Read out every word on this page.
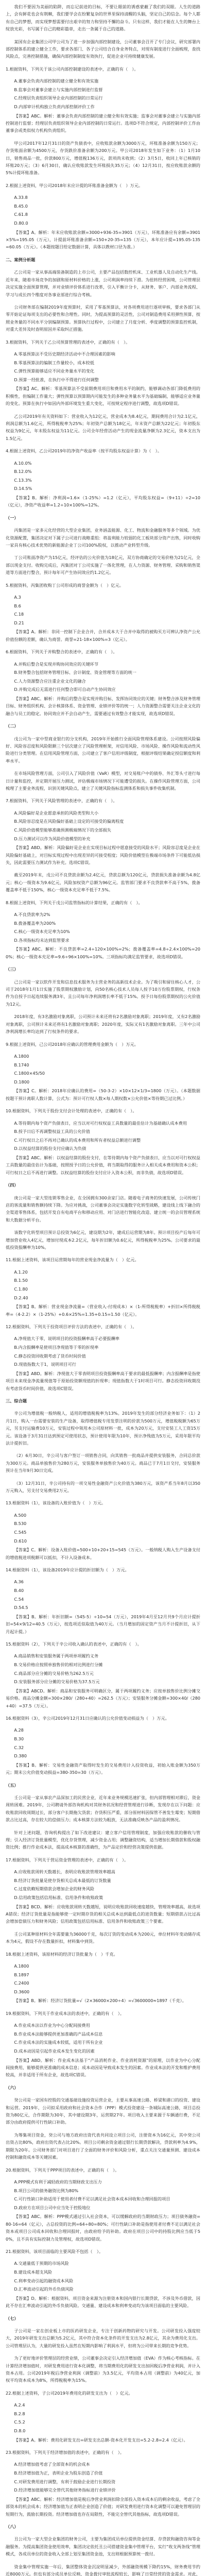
我们不要因为美丽的陷阱，而忘记前进的目标，不要让眼前的诱惑蒙蔽了我们的双眼。人生的道路上，会有鲜花也会有荆棘，我们要学会在纷繁复杂的世界里保持清醒的头脑，坚定自己的信念。每个人都有自己的梦想，而实现梦想需要付出艰辛的努力和坚持不懈的奋斗。只有这样，我们才能在人生的舞台上绽放光彩，书写属于自己的精彩篇章，走出一条属于自己的道路。
某国有企业集团公司甲公司为了进一步加强内部控制建设，公司董事会召开了专门会议，研究部署内部控制体系的建立健全工作，要求各部门、各子公司结合自身业务特点，对现有制度进行全面梳理，查找风险点，完善控制措施，确保内部控制制度有效执行，促进企业可持续健康发展。
1.根据资料，下列关于该公司内部控制建设的表述中，正确的有（　）。
A.董事会负责内部控制的建立健全和有效实施
B.监事会对董事会建立与实施内部控制进行监督
C.经理层负责组织领导企业内部控制的日常运行
D.内部审计机构独立负责内部控制评价工作
【答案】ABC。解析：董事会负责内部控制的建立健全和有效实施；监事会对董事会建立与实施内部控制进行监督；经理层负责组织领导企业内部控制的日常运行。选项D不符合规定，内部控制评价工作由董事会或类似权力机构负责组织。
甲公司2017年12月31日的资产负债表中，应收账款余额为3000万元，坏账准备余额为150万元；存货账面余额为4500万元，存货跌价准备余额为200万元。甲公司2018年发生如下业务：（1）1月10日，销售商品一批，价款800万元，增值税136万元，款项尚未收到；（2）3月5日，收回上年已核销的坏账20万元；（3）6月30日，确认应收账款发生坏账损失35万元；（4）12月31日，按应收账款余额的5%计提坏账准备。
2.根据上述资料，甲公司2018年末应计提的坏账准备金额为（　）万元。
A.33.8
B.45.0
C.61.8
D.80.0
【答案】A。解析：年末应收账款余额=3000+936-35=3901（万元），坏账准备应有余额=3901×5%=195.05（万元），计提前坏账准备余额=150+20-35=135（万元），本年应计提=195.05-135=60.05（万元）。（本题按题目给定数据计算，具体以教材口径为准。）
二、案例分析题
乙公司是一家从事高端装备制造的上市公司，主要产品包括数控机床、工业机器人及自动化生产线。近年来，随着市场竞争的加剧和原材料价格的上涨，公司利润率持续下滑。为扭转经营困境，公司管理层决定实施全面预算管理，并对业绩评价体系进行改革，引入平衡计分卡，从财务、客户、内部业务流程、学习与成长四个维度对各事业部进行综合考核。
公司财务部在编制2019年度预算时，采用了零基预算法，对各项费用进行逐项审核，要求各部门从零开始论证每项支出的必要性和合理性。同时，为提高预算的灵活性，公司对制造费用采用弹性预算，按照业务量的不同水平分别编制预算。预算执行过程中，公司建立了月度分析、季度调整的预算监控机制，对重大差异及时查明原因并采取纠正措施。
3.根据资料，下列关于乙公司预算管理的表述中，正确的有（　）。
A.零基预算法不受历史期经济活动中不合理因素的影响
B.零基预算法的编制工作量较小，成本较低
C.弹性预算能够适应不同业务量水平的变化
D.预算一经批准，在执行中不得进行任何调整
【答案】AC。解析：零基预算法不受前期费用项目和费用水平的制约，能够调动各部门降低费用的积极性，但编制工作量大；弹性预算以预算期内可能发生的多种业务量水平为基础编制，能够适应业务量的变化。预算在执行中如因内外部环境发生重大变化，可按规定程序进行调整，故选项D错误。
乙公司2019年有关资料如下：营业收入为12亿元，营业成本为8.4亿元，期间费用合计为2.1亿元，利润总额为1.6亿元，所得税税率为25%；年初资产总额为18亿元，年末资产总额为22亿元；年初股东权益为9亿元，年末股东权益为11亿元。公司全年经营活动产生的现金流量净额为2.3亿元，资本支出为1.5亿元。
4.根据上述资料，乙公司2019年的净资产收益率（按平均股东权益计算）为（　）。
A.10.0%
B.12.0%
C.13.3%
D.14.5%
【答案】B。解析：净利润=1.6×（1-25%）=1.2（亿元），平均股东权益=（9+11）÷2=10（亿元），净资产收益率=1.2÷10×100%=12%。
（一）
丙集团是一家多元化经营的大型企业集团，业务涵盖能源、化工、物流和金融服务等多个领域。为优化资源配置，集团决定对下属子公司进行战略重组：将盈利能力较弱的化工板块部分资产出售，同时收购一家具有核心技术优势的新能源企业丁公司100%股权，以推动产业转型升级。
丁公司账面净资产为15亿元，经评估的公允价值为18亿元，双方协商确定的交易价格为21亿元，全部以现金支付。收购完成后，丙集团对丁公司实施了一体化管理，在人力资源、财务管理、采购和销售渠道等方面进行整合，预计每年可产生协同效应约1.2亿元。
5.根据资料，丙集团收购丁公司形成的商誉金额为（　）亿元。
A.3
B.6
C.18
D.21
【答案】A。解析：非同一控制下企业合并，合并成本大于合并中取得的被购买方可辨认净资产公允价值份额的差额，确认为商誉。商誉=21-18×100%=3（亿元）。
6.根据资料，下列关于并购整合的表述中，正确的有（　）。
A.并购后整合是实现并购协同效应的关键环节
B.财务整合包括财务管理目标、会计制度、资金管理等方面的统一
C.人力资源整合应注重企业文化的融合
D.并购完成后无需进行任何整合即可自动产生协同效应
【答案】ABC。解析：并购后的整合是实现并购目标、发挥协同效应的关键；财务整合涉及财务管理目标、财务组织机构、会计核算体系、资金管理、业绩评价等的统一；人力资源整合需要关注企业文化的融合与员工的稳定。协同效应并不会自动产生，需要通过有效整合才能实现，故选项D错误。
（二）
戊公司为一家中型商业银行的分支机构，2019年开始推行全面风险管理体系建设。公司按照风险偏好、风险容忍度和风险限额三个层次建立了风险管理框架，对信用风险、市场风险、操作风险和流动性风险进行分类管理。在信用风险管理方面，公司建立了客户信用评级制度，根据评级结果确定授信额度和利率水平。
在市场风险管理方面，公司引入了风险价值（VaR）模型，对交易账户中的债券、外汇等头寸进行每日计量和监控，并定期开展压力测试，评估极端市场情况下可能遭受的损失。在操作风险管理方面，公司梳理了主要业务流程，识别关键风险点，建立了关键风险指标监测体系和损失事件收集机制。
7.根据资料，下列关于风险管理的表述中，正确的有（　）。
A.风险偏好是企业愿意承担的风险类型和大小
B.风险容忍度是在风险偏好基础上设定的可接受的偏离程度
C.风险价值模型能够准确预测极端情况下的全部损失
D.压力测试可以作为风险价值模型的补充
【答案】ABD。解析：风险偏好是企业在实现目标过程中愿意接受的风险水平；风险容忍度是企业在风险偏好基础上，对目标实现过程中出现差异的可接受程度；风险价值模型在极端市场条件下可能低估损失，因此需要压力测试作为补充。选项C错误。
截至2019年末，戊公司不良贷款余额为2.4亿元，贷款总额为120亿元，贷款损失准备余额为4.8亿元；核心一级资本为9.6亿元，风险加权资产总额为96亿元。监管部门要求不良贷款率不高于5%，拨备覆盖率不低于150%，核心一级资本充足率不低于7.5%。
8.根据上述资料，下列关于戊公司监管指标的计算结果，正确的有（　）。
A.不良贷款率为2%
B.拨备覆盖率为200%
C.核心一级资本充足率为10%
D.各项指标均未达到监管要求
【答案】ABC。解析：不良贷款率=2.4÷120×100%=2%；拨备覆盖率=4.8÷2.4×100%=200%；核心一级资本充足率=9.6÷96×100%=10%。三项指标均满足监管要求，故选项D错误。
（三）
己公司是一家以软件开发和信息技术服务为主营业务的高新技术企业。为了吸引和留住核心人才，公司于2018年1月1日实施了股票期权激励计划，向50名核心技术人员每人授予10万份股票期权，行权条件为自授予日起连续服务满3年，且公司每年净利润增长率不低于15%。授予日每份股票期权的公允价值为12元。
2018年度，有3名激励对象离职，公司预计未来还将有2名激励对象离职；2019年度，又有2名激励对象离职，公司预计未来还将有1名激励对象离职；2020年度，实际又有1名激励对象离职。三年中公司净利润增长率均达到了行权条件的要求。
9.根据上述资料，己公司2018年应确认的管理费用金额为（　）万元。
A.1800
B.1740
C.1800×45/50
D.1800
【答案】C。解析：2018年应确认的费用=（50-3-2）×10×12×1/3=1800（万元）。（本题数据按题干预计离职人数计算，公式为：预计可行权人数×每人期权数×公允价值×等待期已过比例。）
10.根据资料，下列关于股份支付会计处理的表述中，正确的有（　）。
A.等待期内每个资产负债表日，应当以对可行权权益工具数量的最佳估计为基础确认成本费用
B.授予日后不再调整权益工具的公允价值
C.可行权日之后不再对已确认的成本费用和所有者权益总额进行调整
D.以权益结算的股份支付应确认为负债
【答案】ABC。解析：以权益结算的股份支付，在等待期内每个资产负债表日，应当以对可行权权益工具数量的最佳估计为基础，按照授予日的公允价值，将当期取得的服务计入相关成本费用和资本公积；可行权日之后不再进行调整。以权益结算的股份支付应计入资本公积，而非负债，故选项D错误。
（四）
庚公司是一家大型连锁零售企业，在全国拥有300余家门店。随着电子商务的快速发展，公司传统门店的客流量和销售额持续下降。为应对挑战，公司董事会决定实施数字化转型战略，建设线上线下融合的全渠道零售体系，包括开发自有电商平台和移动应用、对门店进行智能化改造、建立统一的会员管理系统和大数据分析平台。
该数字化转型项目预计总投资为6亿元，建设期为2年，建成后运营期为8年。预计项目投产后每年可增加营业收入4亿元，增加付现成本2.2亿元，每年折旧额为0.6亿元，所得税税率为25%。公司要求的最低投资报酬率为10%。
11.根据上述资料，该项目运营期每年的营业现金净流量为（　）亿元。
A.1.20
B.1.50
C.1.80
D.2.40
【答案】B。解析：营业现金净流量=（营业收入-付现成本）×（1-所得税税率）+折旧×所得税税率=（4-2.2）×（1-25%）+0.6×25%=1.35+0.15=1.50（亿元）。
12.根据资料，下列关于投资项目评价方法的表述中，正确的有（　）。
A.净现值大于零，说明项目的投资报酬率高于必要报酬率
B.内含报酬率是使项目净现值等于零的折现率
C.静态投资回收期考虑了货币时间价值
D.现值指数大于1，说明项目可行
【答案】ABD。解析：净现值大于零表明项目投资报酬率高于要求的最低报酬率；内含报酬率是指使项目未来现金净流量现值等于原始投资额现值的折现率；现值指数大于1时项目可行。静态投资回收期没有考虑货币时间价值，故选项C错误。
三、综合题
辛公司为增值税一般纳税人，适用的增值税税率为13%。2019年发生的部分经济业务如下：（1）2月1日，购入一台需要安装的生产设备，取得增值税专用发票注明的价款为500万元，增值税税额为65万元，另支付运输费10万元，安装过程中领用本公司原材料一批，成本为20万元，支付安装工人工资15万元。该设备于3月31日达到预定可使用状态，预计使用年限为10年，预计净残值为5万元，采用年限平均法计提折旧。
（2）6月30日，辛公司与客户签订一项销售合同，向其销售一批商品并提供安装服务，合同总价款为300万元。商品单独售价为280万元，安装服务单独售价为40万元。商品已于7月1日交付，安装服务预计在当年9月30日完成。
（3）12月31日，辛公司持有的一项交易性金融资产公允价值为380万元，该资产系当年8月以350万元购入，另支付交易费用2万元。
13.根据资料（1），该设备的入账价值为（　）万元。
A.500
B.530
C.545
D.610
【答案】C。解析：设备入账价值=500+10+20+15=545（万元）。一般纳税人购入生产设备支付的增值税进项税额可以抵扣，不计入设备成本。
14.根据资料（1），该设备2019年应计提的折旧额为（　）万元。
A.36
B.40
C.54
D.54.5
【答案】B。解析：年折旧额=（545-5）÷10=54（万元），2019年4月至12月共9个月应计提折旧=54×9/12=40.5（万元），按选项近似取值为40万元。（当月增加的固定资产当月不计提折旧，从下月起计提。）
15.根据资料（2），下列关于辛公司收入确认的表述中，正确的有（　）。
A.商品销售和安装服务属于两项单项履约义务
B.交易价格应按照单独售价的相对比例进行分摊
C.商品部分应分摊的交易价格为262.5万元
D.安装服务部分应分摊的交易价格为37.5万元
【答案】ABCD。解析：商品和安装服务可明确区分，属于两项履约义务；应按单独售价比例分摊交易价格。商品分摊金额=300×280/（280+40）=262.5（万元）；安装服务分摊金额=300×40/（280+40）=37.5（万元）。
16.根据资料（3），辛公司2019年12月31日应确认的公允价值变动损益为（　）万元。
A.28
B.30
C.32
D.380
【答案】B。解析：交易性金融资产取得时发生的交易费用计入投资收益，初始入账金额为350万元；期末公允价值变动损益=380-350=30（万元）。
（五）
壬公司是一家从事农产品深加工的民营企业，近年来业务规模迅速扩张，但内部管理相对滞后，资金周转困难。2019年，公司聘请外部咨询机构对其财务状况和经营管理进行诊断，发现存在以下问题：应收账款回收周期过长，部分客户长期拖欠货款；存货积压严重，部分原材料因保管不善发生霉变；短期借款占比过高，存在较大的偿债压力；成本核算方法较为粗放，无法准确反映各产品的盈利情况。
针对上述问题，咨询机构提出了如下改进建议：建立客户信用管理制度，加强应收账款的催收与管理；引入经济订货批量模型，优化存货管理，减少资金占用；调整融资结构，适当增加长期借款和股权融资比例；推行作业成本法，提高成本核算的准确性，为产品定价和经营决策提供依据。
17.根据资料，下列关于营运资金管理的表述中，正确的有（　）。
A.应收账款周转天数越长，表明应收账款管理效率越高
B.经济订货批量是使存货相关总成本最低的订货数量
C.过度依赖短期借款会增加企业的财务风险
D.信用政策包括信用标准、信用条件和收账政策
【答案】BCD。解析：应收账款周转天数越短，说明应收账款回收速度越快，管理效率越高，故选项A错误；经济订货批量是指能够使一定时期存货的相关总成本达到最低点的进货数量；短期借款占比过高会增加偿债压力和财务风险；信用政策包括信用标准、信用条件和收账政策三个要素。
壬公司某种原材料全年需要量为36000千克，每次订货的变动成本为200元，单位材料年变动储存成本为4元，假设不存在数量折扣，材料集中到货。
18.根据上述资料，该原材料的经济订货批量为（　）千克。
A.1800
B.1897
C.2400
D.3600
【答案】B。解析：经济订货批量=√（2×36000×200÷4）=√3600000≈1897（千克）。
19.根据资料，下列关于作业成本法的表述中，正确的有（　）。
A.作业成本法以作业为中心分配间接费用
B.作业成本法能够提供更加准确的产品成本信息
C.作业成本法的实施成本较低，适用于所有企业
D.成本动因是引起作业成本发生变化的因素
【答案】ABD。解析：作业成本法基于“产品消耗作业、作业消耗资源”的原理，以作业为中心分配间接费用，能够提供更准确的成本信息；成本动因是导致成本发生的因素。作业成本法的开发和维护费用较高，并非适用于所有企业，故选项C错误。
（六）
癸公司是一家国有控股的交通基础设施投资运营企业，主要从事高速公路、桥梁和港口的投资、建设和运营。2019年，公司拟采用政府和社会资本合作（PPP）模式投资建设一条城际高速公路，项目总投资为80亿元，合作期限为30年，其中建设期3年，运营期27年。项目收入主要来源于车辆通行费，不足部分由政府提供可行性缺口补助。
为筹集项目资金，癸公司与地方政府出资代表共同设立项目公司，注册资本为16亿元，其中癸公司出资占比80%，政府出资代表占比20%。项目公司剩余资金通过银行长期贷款解决，贷款利率为4.9%，期限为20年。公司财务部门对项目进行了全面的财务评价和风险分析，重点关注交通量预测、建设成本控制和融资成本等关键因素。
20.根据资料，下列关于PPP项目的表述中，正确的有（　）。
A.PPP模式有利于减轻政府的当期财政支出压力
B.项目公司的债务融资比例为80%
C.可行性缺口补助适用于使用者付费不足以满足社会资本成本回收和合理回报的项目
D.政府方在项目公司中应当处于控股地位
【答案】ABC。解析：PPP模式通过引入社会资本，可以缓解政府的当期财政压力；项目债务融资=80-16=64（亿元），占总投资的比例=64÷80=80%；可行性缺口补助是指使用者付费不足以满足社会资本或项目公司成本回收和合理回报时，由政府给予的补助。政府在项目公司中的持股比例应当低于50%，且不具有实际控制力及管理权，故选项D错误。
21.根据资料，该项目面临的主要风险不包括（　）。
A.交通量低于预期的市场风险
B.建设成本超支风险
C.利率变动引起的融资成本风险
D.汇率波动引起的外币负债风险
【答案】D。解析：根据资料，项目资金来源为注册资本和国内银行长期贷款，不涉及外币借款，因此不存在汇率波动引起的外币负债风险。交通量、建设成本和利率变动均为该项目面临的主要风险。
（七）
子公司是一家在创业板上市的医药研发企业，专注于创新药物的研究与开发。公司研发投入强度较大，2019年研发支出总额为5.2亿元，其中符合资本化条件的开发支出为2.8亿元，其余为费用化支出。公司管理层认为，大量的研发投入虽然在短期内影响了利润水平，但将为公司带来长期的竞争优势。
为了更好地评价管理层的经营业绩，公司董事会决定引入经济增加值（EVA）作为核心考核指标。在计算经济增加值时，对研发费用进行资本化调整，将当期费用化的研发支出加回税后净营业利润，并计入资本占用。公司2019年税后净营业利润（调整前）为3.5亿元，平均资本占用（调整前）为40亿元，加权平均资本成本为8%，所得税税率为15%。
22.根据上述资料，子公司2019年费用化的研发支出为（　）亿元。
A.2.4
B.2.8
C.5.2
D.8.0
【答案】A。解析：费用化研发支出=研发支出总额-资本化开发支出=5.2-2.8=2.4（亿元）。
23.根据资料，下列关于经济增加值的表述中，正确的有（　）。
A.经济增加值考虑了全部资本的机会成本
B.经济增加值为正，表明企业为股东创造了价值
C.对研发费用进行调整，有利于鼓励企业进行长期投资
D.经济增加值能够完全替代其他财务指标进行业绩评价
【答案】ABC。解析：经济增加值是税后净营业利润扣除全部投入资本成本后的剩余收益，考虑了全部资本的机会成本；经济增加值为正表明企业创造了价值；对研发费用进行资本化调整可以避免管理层的短期行为，鼓励长期投资。经济增加值也存在局限性，不能完全替代其他指标，故选项D错误。
（八）
丑公司为一家大型企业集团的财务公司，主要为集团成员单位提供资金结算、存贷款和融资咨询等金融服务。为提高集团资金使用效率，集团决定依托丑公司搭建资金集中管理平台，实行“收支两条线”管理模式，各成员单位的资金收入全部上划至集团资金池，支出则根据预算统一拨付。
资金集中管理实施一年后，集团整体资金沉淀明显减少，外部融资规模下降约15%，财务费用节约近8000万元。但也有部分成员单位反映，资金拨付审批流程较长，影响了日常经营的资金需求。对此，
